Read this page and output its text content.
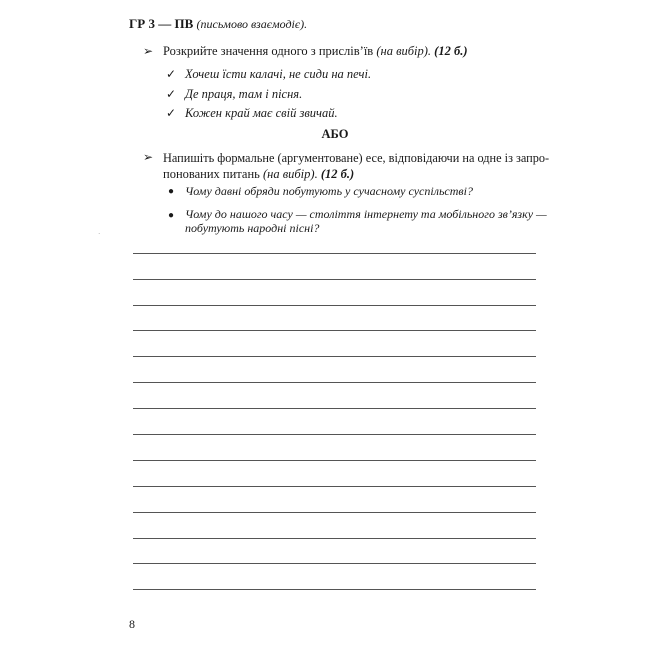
ГР 3 — ПВ (письмово взаємодіє).
➢ Розкрийте значення одного з прислів’їв (на вибір). (12 б.)
✓ Хочеш їсти калачі, не сиди на печі.
✓ Де праця, там і пісня.
✓ Кожен край має свій звичай.
АБО
➢ Напишіть формальне (аргументоване) есе, відповідаючи на одне із запро-
понованих питань (на вибір). (12 б.)
● Чому давні обряди побутують у сучасному суспільстві?
● Чому до нашого часу — століття інтернету та мобільного зв’язку —
побутують народні пісні?
·
8
